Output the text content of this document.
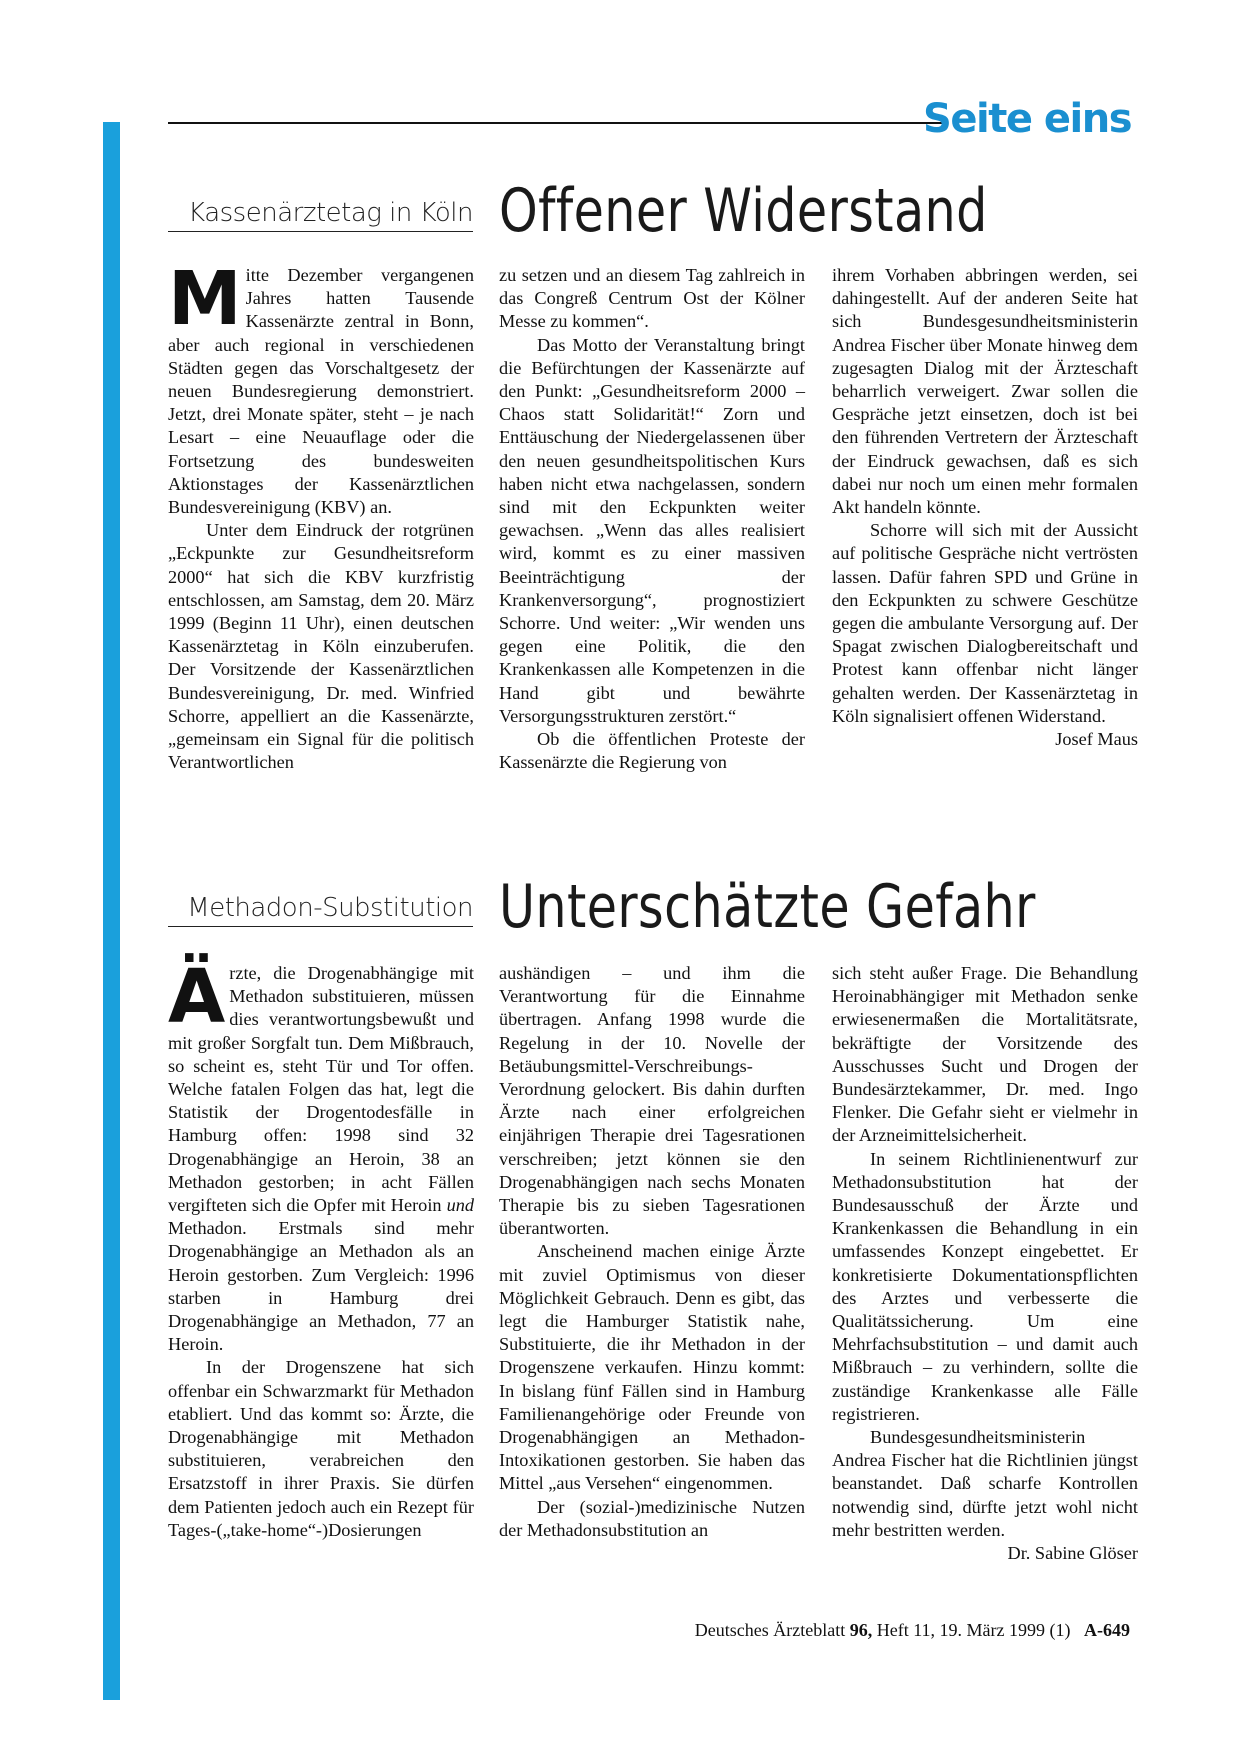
Seite eins
Kassenärztetag in Köln Offener Widerstand

Mitte Dezember vergangenen Jahres hatten Tausende Kassenärzte zentral in Bonn, aber auch regional in verschiedenen Städten gegen das Vorschaltgesetz der neuen Bundesregierung demonstriert. Jetzt, drei Monate später, steht – je nach Lesart – eine Neuauflage oder die Fortsetzung des bundesweiten Aktionstages der Kassenärztlichen Bundesvereinigung (KBV) an.

Unter dem Eindruck der rotgrünen „Eckpunkte zur Gesundheitsreform 2000“ hat sich die KBV kurzfristig entschlossen, am Samstag, dem 20. März 1999 (Beginn 11 Uhr), einen deutschen Kassenärztetag in Köln einzuberufen. Der Vorsitzende der Kassenärztlichen Bundesvereinigung, Dr. med. Winfried Schorre, appelliert an die Kassenärzte, „gemeinsam ein Signal für die politisch Verantwortlichen

zu setzen und an diesem Tag zahlreich in das Congreß Centrum Ost der Kölner Messe zu kommen“.

Das Motto der Veranstaltung bringt die Befürchtungen der Kassenärzte auf den Punkt: „Gesundheitsreform 2000 – Chaos statt Solidarität!“ Zorn und Enttäuschung der Niedergelassenen über den neuen gesundheitspolitischen Kurs haben nicht etwa nachgelassen, sondern sind mit den Eckpunkten weiter gewachsen. „Wenn das alles realisiert wird, kommt es zu einer massiven Beeinträchtigung der Krankenversorgung“, prognostiziert Schorre. Und weiter: „Wir wenden uns gegen eine Politik, die den Krankenkassen alle Kompetenzen in die Hand gibt und bewährte Versorgungsstrukturen zerstört.“

Ob die öffentlichen Proteste der Kassenärzte die Regierung von

ihrem Vorhaben abbringen werden, sei dahingestellt. Auf der anderen Seite hat sich Bundesgesundheitsministerin Andrea Fischer über Monate hinweg dem zugesagten Dialog mit der Ärzteschaft beharrlich verweigert. Zwar sollen die Gespräche jetzt einsetzen, doch ist bei den führenden Vertretern der Ärzteschaft der Eindruck gewachsen, daß es sich dabei nur noch um einen mehr formalen Akt handeln könnte.

Schorre will sich mit der Aussicht auf politische Gespräche nicht vertrösten lassen. Dafür fahren SPD und Grüne in den Eckpunkten zu schwere Geschütze gegen die ambulante Versorgung auf. Der Spagat zwischen Dialogbereitschaft und Protest kann offenbar nicht länger gehalten werden. Der Kassenärztetag in Köln signalisiert offenen Widerstand.
Josef Maus

Methadon-Substitution Unterschätzte Gefahr

Ärzte, die Drogenabhängige mit Methadon substituieren, müssen dies verantwortungsbewußt und mit großer Sorgfalt tun. Dem Mißbrauch, so scheint es, steht Tür und Tor offen. Welche fatalen Folgen das hat, legt die Statistik der Drogentodesfälle in Hamburg offen: 1998 sind 32 Drogenabhängige an Heroin, 38 an Methadon gestorben; in acht Fällen vergifteten sich die Opfer mit Heroin und Methadon. Erstmals sind mehr Drogenabhängige an Methadon als an Heroin gestorben. Zum Vergleich: 1996 starben in Hamburg drei Drogenabhängige an Methadon, 77 an Heroin.

In der Drogenszene hat sich offenbar ein Schwarzmarkt für Methadon etabliert. Und das kommt so: Ärzte, die Drogenabhängige mit Methadon substituieren, verabreichen den Ersatzstoff in ihrer Praxis. Sie dürfen dem Patienten jedoch auch ein Rezept für Tages-(„take-home“-)Dosierungen

aushändigen – und ihm die Verantwortung für die Einnahme übertragen. Anfang 1998 wurde die Regelung in der 10. Novelle der Betäubungsmittel-Verschreibungs-Verordnung gelockert. Bis dahin durften Ärzte nach einer erfolgreichen einjährigen Therapie drei Tagesrationen verschreiben; jetzt können sie den Drogenabhängigen nach sechs Monaten Therapie bis zu sieben Tagesrationen überantworten.

Anscheinend machen einige Ärzte mit zuviel Optimismus von dieser Möglichkeit Gebrauch. Denn es gibt, das legt die Hamburger Statistik nahe, Substituierte, die ihr Methadon in der Drogenszene verkaufen. Hinzu kommt: In bislang fünf Fällen sind in Hamburg Familienangehörige oder Freunde von Drogenabhängigen an Methadon-Intoxikationen gestorben. Sie haben das Mittel „aus Versehen“ eingenommen.

Der (sozial-)medizinische Nutzen der Methadonsubstitution an

sich steht außer Frage. Die Behandlung Heroinabhängiger mit Methadon senke erwiesenermaßen die Mortalitätsrate, bekräftigte der Vorsitzende des Ausschusses Sucht und Drogen der Bundesärztekammer, Dr. med. Ingo Flenker. Die Gefahr sieht er vielmehr in der Arzneimittelsicherheit.

In seinem Richtlinienentwurf zur Methadonsubstitution hat der Bundesausschuß der Ärzte und Krankenkassen die Behandlung in ein umfassendes Konzept eingebettet. Er konkretisierte Dokumentationspflichten des Arztes und verbesserte die Qualitätssicherung. Um eine Mehrfachsubstitution – und damit auch Mißbrauch – zu verhindern, sollte die zuständige Krankenkasse alle Fälle registrieren.

Bundesgesundheitsministerin Andrea Fischer hat die Richtlinien jüngst beanstandet. Daß scharfe Kontrollen notwendig sind, dürfte jetzt wohl nicht mehr bestritten werden.
Dr. Sabine Glöser

Deutsches Ärzteblatt 96, Heft 11, 19. März 1999 (1) A-649
